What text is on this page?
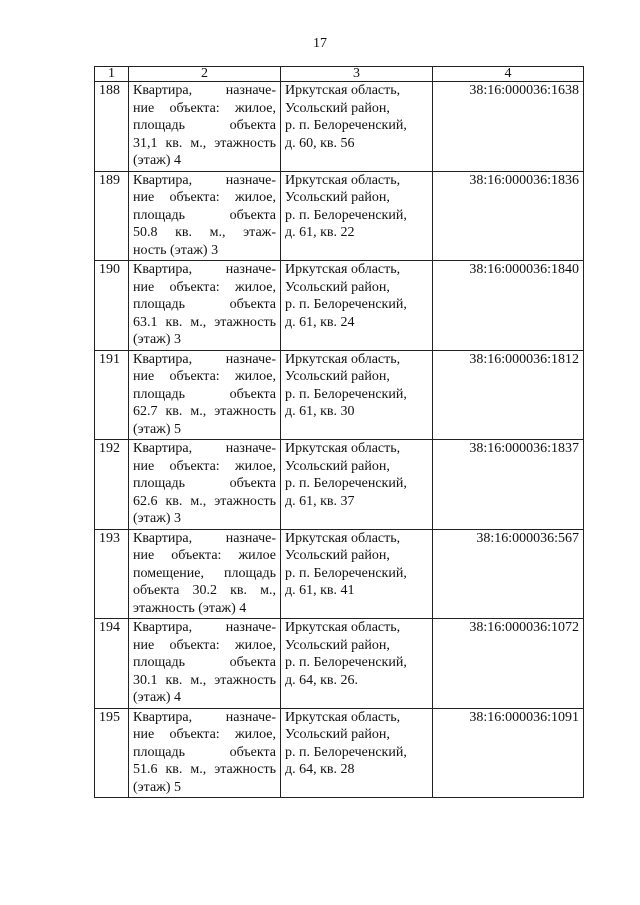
17
1	2	3	4
188	Квартира, назначе-
ние объекта: жилое,
площадь объекта
31,1 кв. м., этажность
(этаж) 4	Иркутская область,
Усольский район,
р. п. Белореченский,
д. 60, кв. 56	38:16:000036:1638
189	Квартира, назначе-
ние объекта: жилое,
площадь объекта
50.8 кв. м., этаж-
ность (этаж) 3	Иркутская область,
Усольский район,
р. п. Белореченский,
д. 61, кв. 22	38:16:000036:1836
190	Квартира, назначе-
ние объекта: жилое,
площадь объекта
63.1 кв. м., этажность
(этаж) 3	Иркутская область,
Усольский район,
р. п. Белореченский,
д. 61, кв. 24	38:16:000036:1840
191	Квартира, назначе-
ние объекта: жилое,
площадь объекта
62.7 кв. м., этажность
(этаж) 5	Иркутская область,
Усольский район,
р. п. Белореченский,
д. 61, кв. 30	38:16:000036:1812
192	Квартира, назначе-
ние объекта: жилое,
площадь объекта
62.6 кв. м., этажность
(этаж) 3	Иркутская область,
Усольский район,
р. п. Белореченский,
д. 61, кв. 37	38:16:000036:1837
193	Квартира, назначе-
ние объекта: жилое
помещение, площадь
объекта 30.2 кв. м.,
этажность (этаж) 4	Иркутская область,
Усольский район,
р. п. Белореченский,
д. 61, кв. 41	38:16:000036:567
194	Квартира, назначе-
ние объекта: жилое,
площадь объекта
30.1 кв. м., этажность
(этаж) 4	Иркутская область,
Усольский район,
р. п. Белореченский,
д. 64, кв. 26.	38:16:000036:1072
195	Квартира, назначе-
ние объекта: жилое,
площадь объекта
51.6 кв. м., этажность
(этаж) 5	Иркутская область,
Усольский район,
р. п. Белореченский,
д. 64, кв. 28	38:16:000036:1091
